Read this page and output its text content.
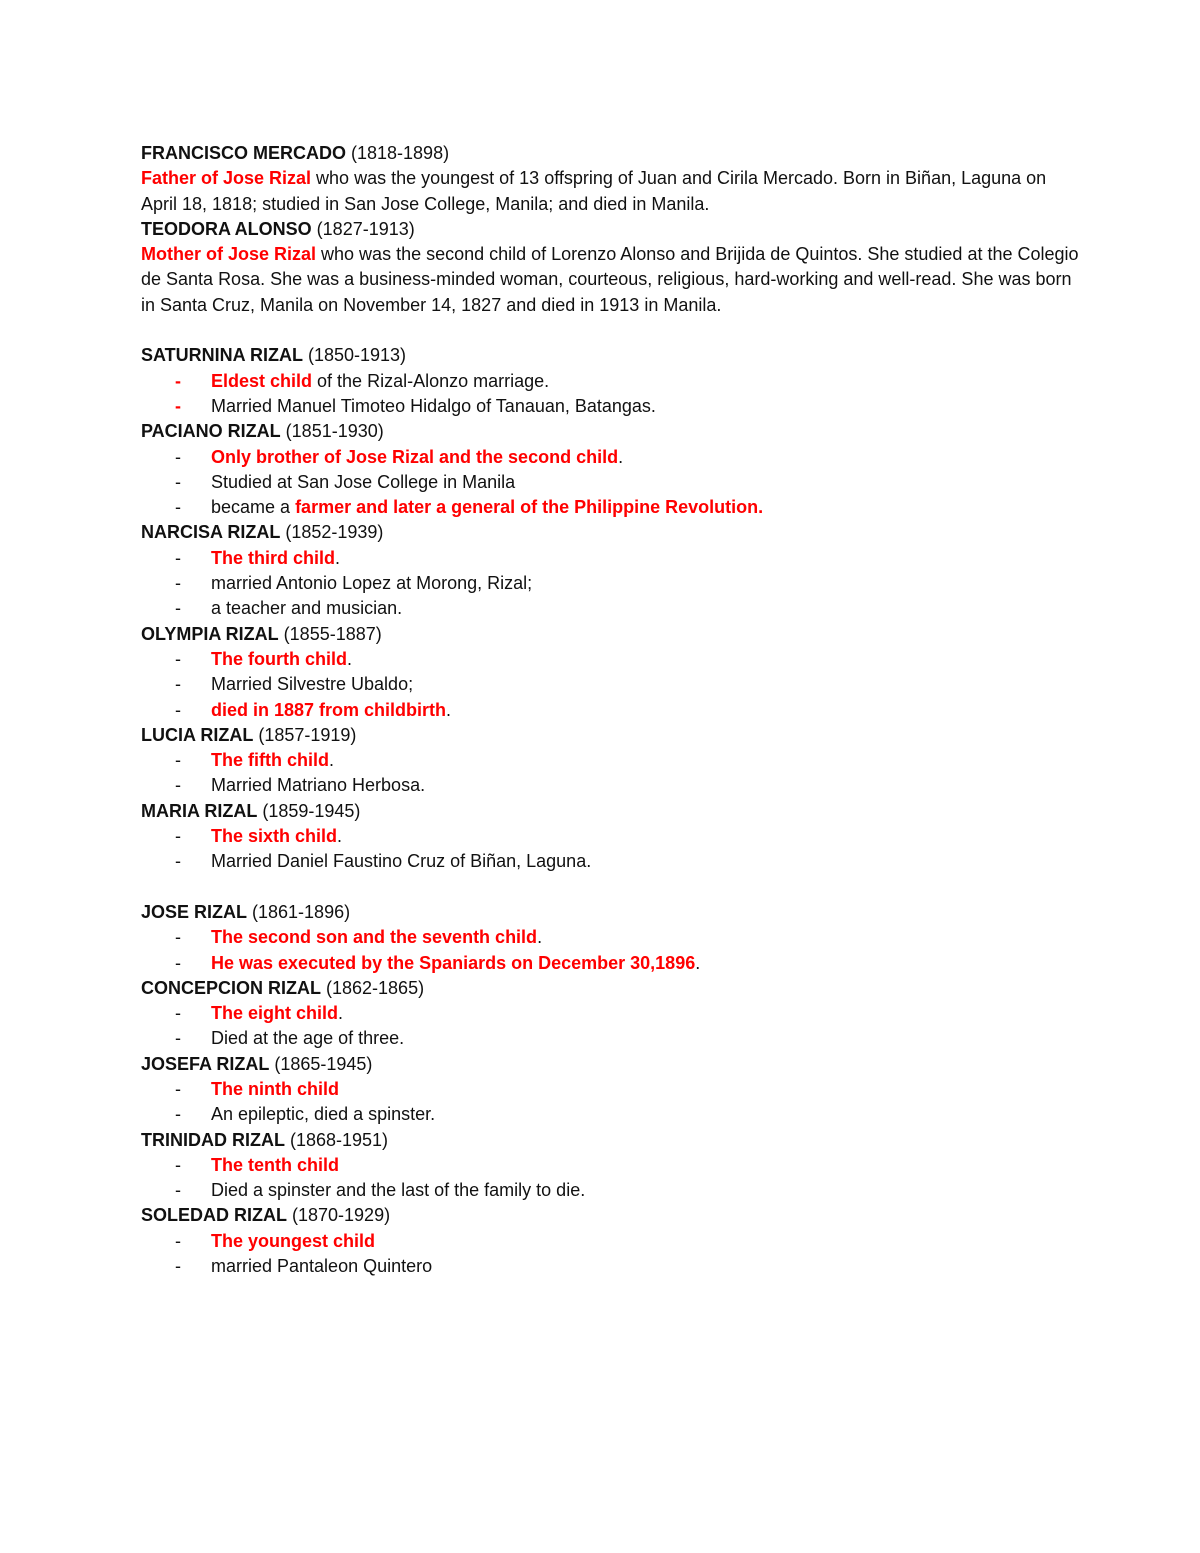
FRANCISCO MERCADO (1818-1898)

Father of Jose Rizal who was the youngest of 13 offspring of Juan and Cirila Mercado. Born in Biñan, Laguna on April 18, 1818; studied in San Jose College, Manila; and died in Manila.

TEODORA ALONSO (1827-1913)

Mother of Jose Rizal who was the second child of Lorenzo Alonso and Brijida de Quintos. She studied at the Colegio de Santa Rosa. She was a business-minded woman, courteous, religious, hard-working and well-read. She was born in Santa Cruz, Manila on November 14, 1827 and died in 1913 in Manila.

SATURNINA RIZAL (1850-1913)

- Eldest child of the Rizal-Alonzo marriage.

- Married Manuel Timoteo Hidalgo of Tanauan, Batangas.

PACIANO RIZAL (1851-1930)

- Only brother of Jose Rizal and the second child.

- Studied at San Jose College in Manila

- became a farmer and later a general of the Philippine Revolution.

NARCISA RIZAL (1852-1939)

- The third child.

- married Antonio Lopez at Morong, Rizal;

- a teacher and musician.

OLYMPIA RIZAL (1855-1887)

- The fourth child.

- Married Silvestre Ubaldo;

- died in 1887 from childbirth.

LUCIA RIZAL (1857-1919)

- The fifth child.

- Married Matriano Herbosa.

MARIA RIZAL (1859-1945)

- The sixth child.

- Married Daniel Faustino Cruz of Biñan, Laguna.

JOSE RIZAL (1861-1896)

- The second son and the seventh child.

- He was executed by the Spaniards on December 30,1896.

CONCEPCION RIZAL (1862-1865)

- The eight child.

- Died at the age of three.

JOSEFA RIZAL (1865-1945)

- The ninth child

- An epileptic, died a spinster.

TRINIDAD RIZAL (1868-1951)

- The tenth child

- Died a spinster and the last of the family to die.

SOLEDAD RIZAL (1870-1929)

- The youngest child

- married Pantaleon Quintero
